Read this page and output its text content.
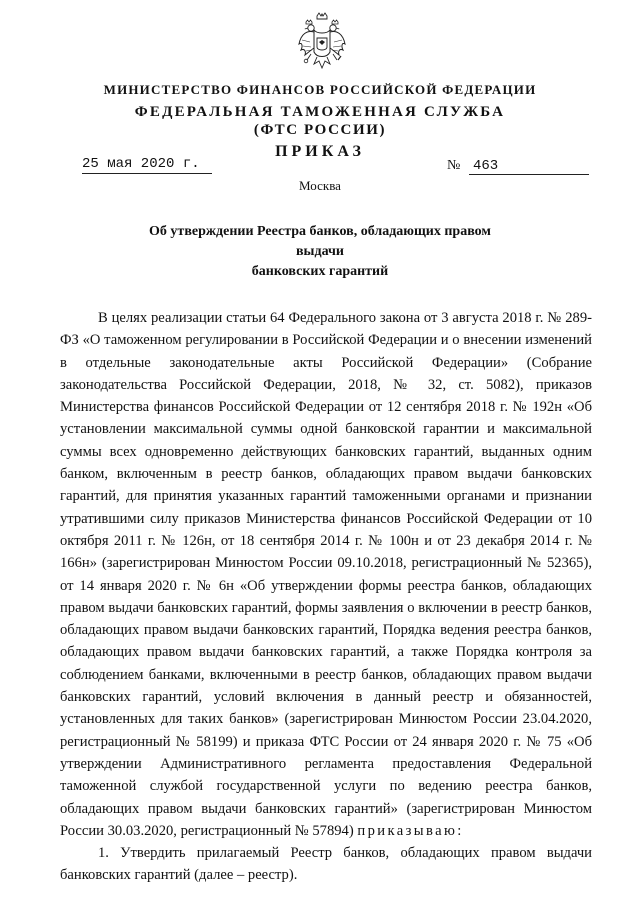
МИНИСТЕРСТВО ФИНАНСОВ РОССИЙСКОЙ ФЕДЕРАЦИИ
ФЕДЕРАЛЬНАЯ ТАМОЖЕННАЯ СЛУЖБА
(ФТС РОССИИ)
ПРИКАЗ
25 мая 2020 г.	№ 463
Москва
Об утверждении Реестра банков, обладающих правом выдачи
банковских гарантий

В целях реализации статьи 64 Федерального закона от 3 августа 2018 г. № 289-ФЗ «О таможенном регулировании в Российской Федерации и о внесении изменений в отдельные законодательные акты Российской Федерации» (Собрание законодательства Российской Федерации, 2018, № 32, ст. 5082), приказов Министерства финансов Российской Федерации от 12 сентября 2018 г. № 192н «Об установлении максимальной суммы одной банковской гарантии и максимальной суммы всех одновременно действующих банковских гарантий, выданных одним банком, включенным в реестр банков, обладающих правом выдачи банковских гарантий, для принятия указанных гарантий таможенными органами и признании утратившими силу приказов Министерства финансов Российской Федерации от 10 октября 2011 г. № 126н, от 18 сентября 2014 г. № 100н и от 23 декабря 2014 г. № 166н» (зарегистрирован Минюстом России 09.10.2018, регистрационный № 52365), от 14 января 2020 г. № 6н «Об утверждении формы реестра банков, обладающих правом выдачи банковских гарантий, формы заявления о включении в реестр банков, обладающих правом выдачи банковских гарантий, Порядка ведения реестра банков, обладающих правом выдачи банковских гарантий, а также Порядка контроля за соблюдением банками, включенными в реестр банков, обладающих правом выдачи банковских гарантий, условий включения в данный реестр и обязанностей, установленных для таких банков» (зарегистрирован Минюстом России 23.04.2020, регистрационный № 58199) и приказа ФТС России от 24 января 2020 г. № 75 «Об утверждении Административного регламента предоставления Федеральной таможенной службой государственной услуги по ведению реестра банков, обладающих правом выдачи банковских гарантий» (зарегистрирован Минюстом России 30.03.2020, регистрационный № 57894) приказываю:

1. Утвердить прилагаемый Реестр банков, обладающих правом выдачи банковских гарантий (далее – реестр).
